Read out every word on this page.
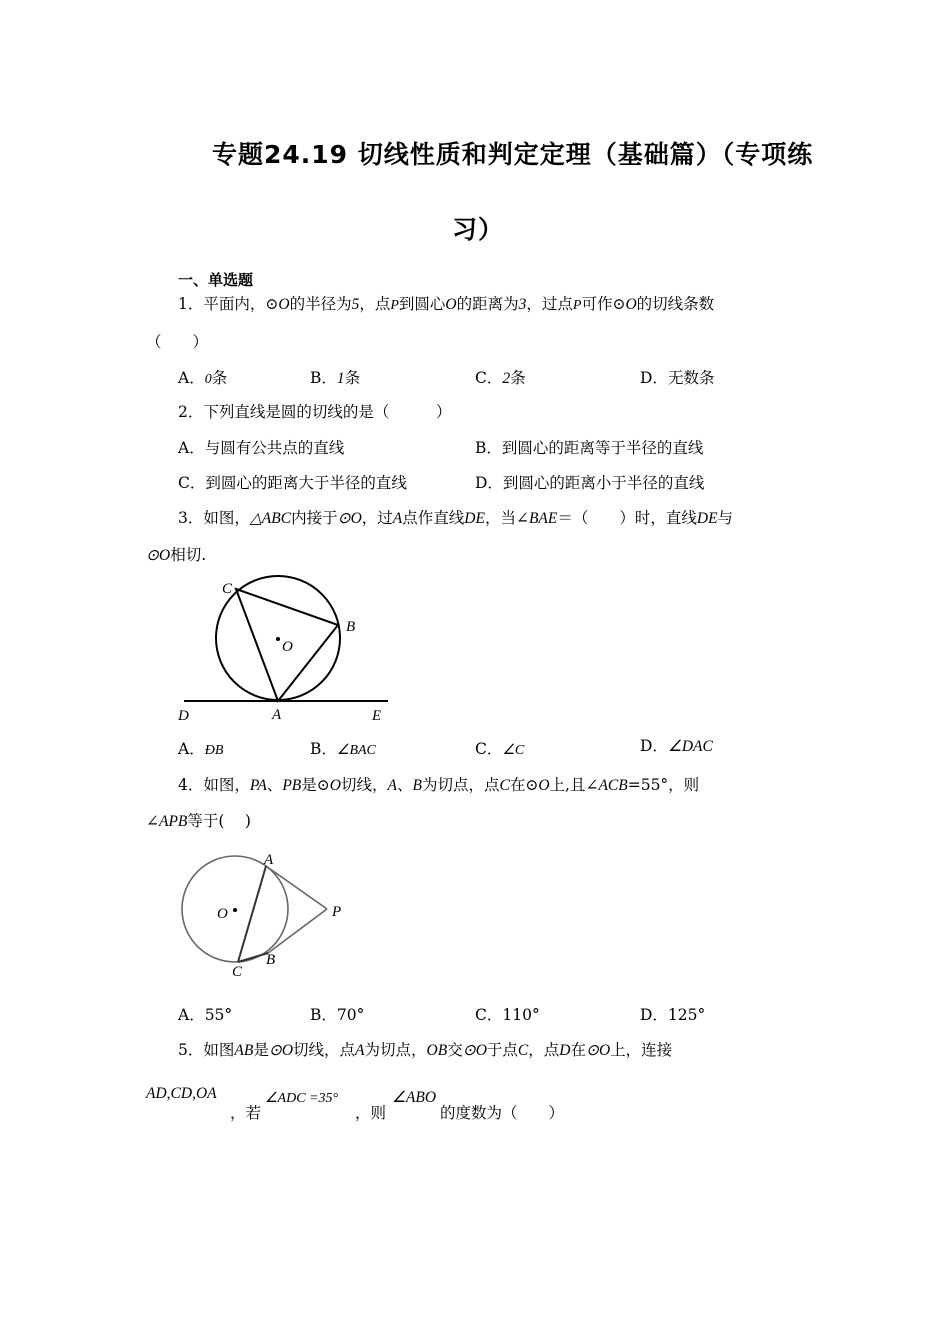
专题24.19 切线性质和判定定理（基础篇）（专项练
习）
一、单选题
1．平面内，⊙O的半径为5，点P到圆心O的距离为3，过点P可作⊙O的切线条数
（　　）
A．0条	B．1条	C．2条	D．无数条
2．下列直线是圆的切线的是（　　　）
A．与圆有公共点的直线	B．到圆心的距离等于半径的直线
C．到圆心的距离大于半径的直线	D．到圆心的距离小于半径的直线
3．如图，△ABC内接于⊙O，过A点作直线DE，当∠BAE＝（　　）时，直线DE与
⊙O相切.
C
B
O
D	A	E
A．ÐB	B．∠BAC	C．∠C	D．∠DAC
4．如图，PA、PB是⊙O切线，A、B为切点，点C在⊙O上,且∠ACB=55°，则
∠APB等于(　 )
A
O	P
C
B
A．55°	B．70°	C．110°	D．125°
5．如图AB是⊙O切线，点A为切点，OB交⊙O于点C，点D在⊙O上，连接
AD,CD,OA
，若
∠ADC =35°
，则
∠ABO
的度数为（　　）
